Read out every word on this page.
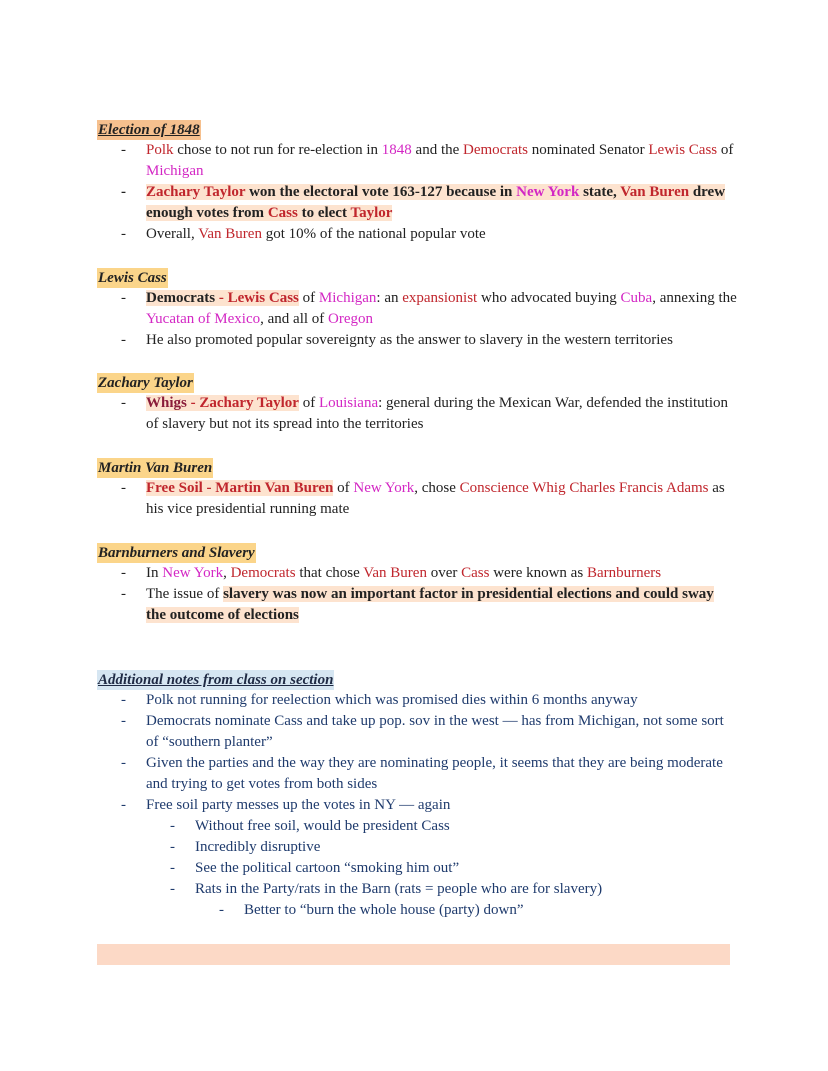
Election of 1848
- Polk chose to not run for re-election in 1848 and the Democrats nominated Senator Lewis Cass of Michigan
- Zachary Taylor won the electoral vote 163-127 because in New York state, Van Buren drew enough votes from Cass to elect Taylor
- Overall, Van Buren got 10% of the national popular vote
Lewis Cass
- Democrats - Lewis Cass of Michigan: an expansionist who advocated buying Cuba, annexing the Yucatan of Mexico, and all of Oregon
- He also promoted popular sovereignty as the answer to slavery in the western territories
Zachary Taylor
- Whigs - Zachary Taylor of Louisiana: general during the Mexican War, defended the institution of slavery but not its spread into the territories
Martin Van Buren
- Free Soil - Martin Van Buren of New York, chose Conscience Whig Charles Francis Adams as his vice presidential running mate
Barnburners and Slavery
- In New York, Democrats that chose Van Buren over Cass were known as Barnburners
- The issue of slavery was now an important factor in presidential elections and could sway the outcome of elections
Additional notes from class on section
- Polk not running for reelection which was promised dies within 6 months anyway
- Democrats nominate Cass and take up pop. sov in the west — has from Michigan, not some sort of “southern planter”
- Given the parties and the way they are nominating people, it seems that they are being moderate and trying to get votes from both sides
- Free soil party messes up the votes in NY — again
- Without free soil, would be president Cass
- Incredibly disruptive
- See the political cartoon “smoking him out”
- Rats in the Party/rats in the Barn (rats = people who are for slavery)
- Better to “burn the whole house (party) down”
